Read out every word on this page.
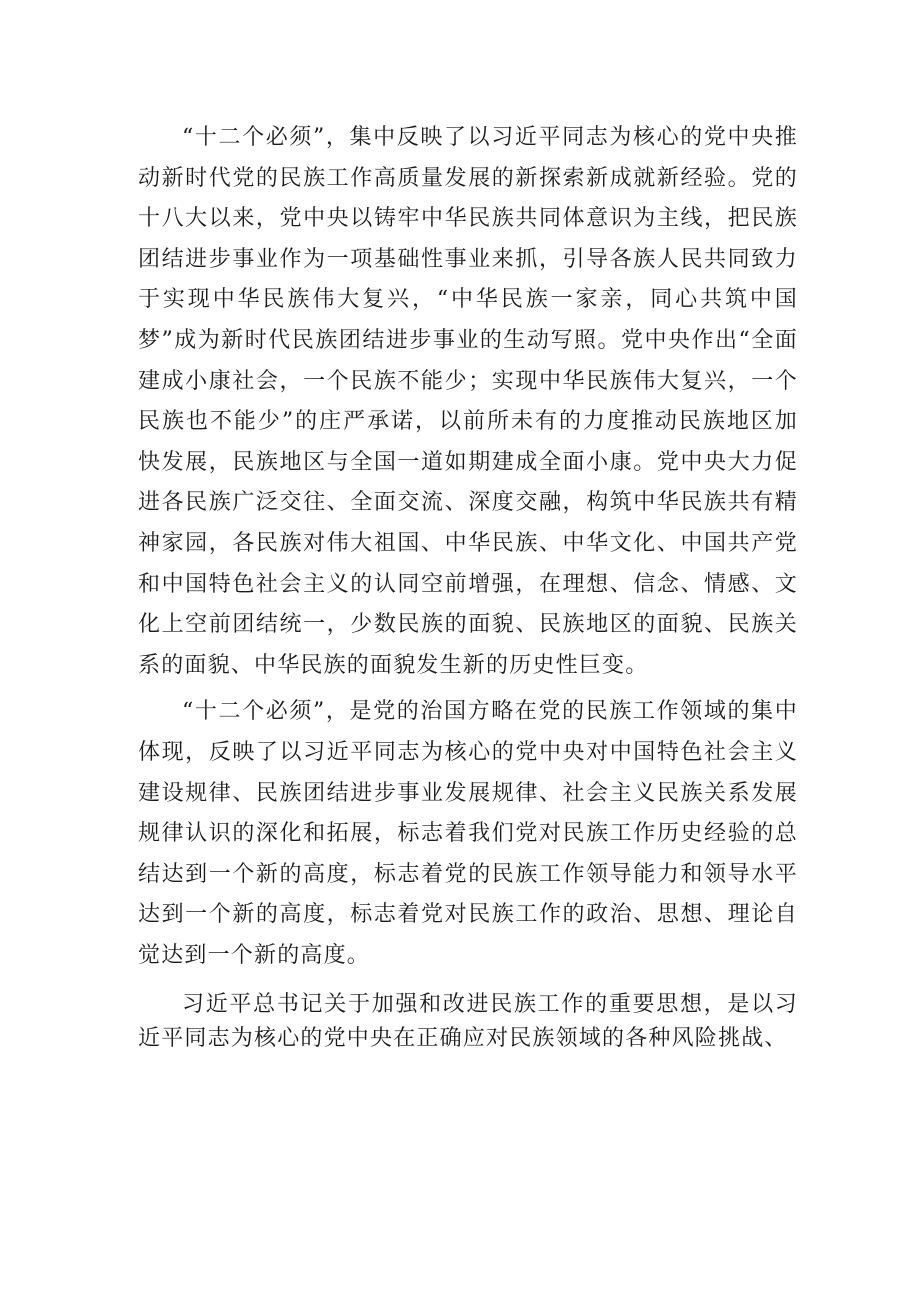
“十二个必须”，集中反映了以习近平同志为核心的党中央推动新时代党的民族工作高质量发展的新探索新成就新经验。党的十八大以来，党中央以铸牢中华民族共同体意识为主线，把民族团结进步事业作为一项基础性事业来抓，引导各族人民共同致力于实现中华民族伟大复兴，“中华民族一家亲，同心共筑中国梦”成为新时代民族团结进步事业的生动写照。党中央作出“全面建成小康社会，一个民族不能少；实现中华民族伟大复兴，一个民族也不能少”的庄严承诺，以前所未有的力度推动民族地区加快发展，民族地区与全国一道如期建成全面小康。党中央大力促进各民族广泛交往、全面交流、深度交融，构筑中华民族共有精神家园，各民族对伟大祖国、中华民族、中华文化、中国共产党和中国特色社会主义的认同空前增强，在理想、信念、情感、文化上空前团结统一，少数民族的面貌、民族地区的面貌、民族关系的面貌、中华民族的面貌发生新的历史性巨变。

“十二个必须”，是党的治国方略在党的民族工作领域的集中体现，反映了以习近平同志为核心的党中央对中国特色社会主义建设规律、民族团结进步事业发展规律、社会主义民族关系发展规律认识的深化和拓展，标志着我们党对民族工作历史经验的总结达到一个新的高度，标志着党的民族工作领导能力和领导水平达到一个新的高度，标志着党对民族工作的政治、思想、理论自觉达到一个新的高度。

习近平总书记关于加强和改进民族工作的重要思想，是以习近平同志为核心的党中央在正确应对民族领域的各种风险挑战、
